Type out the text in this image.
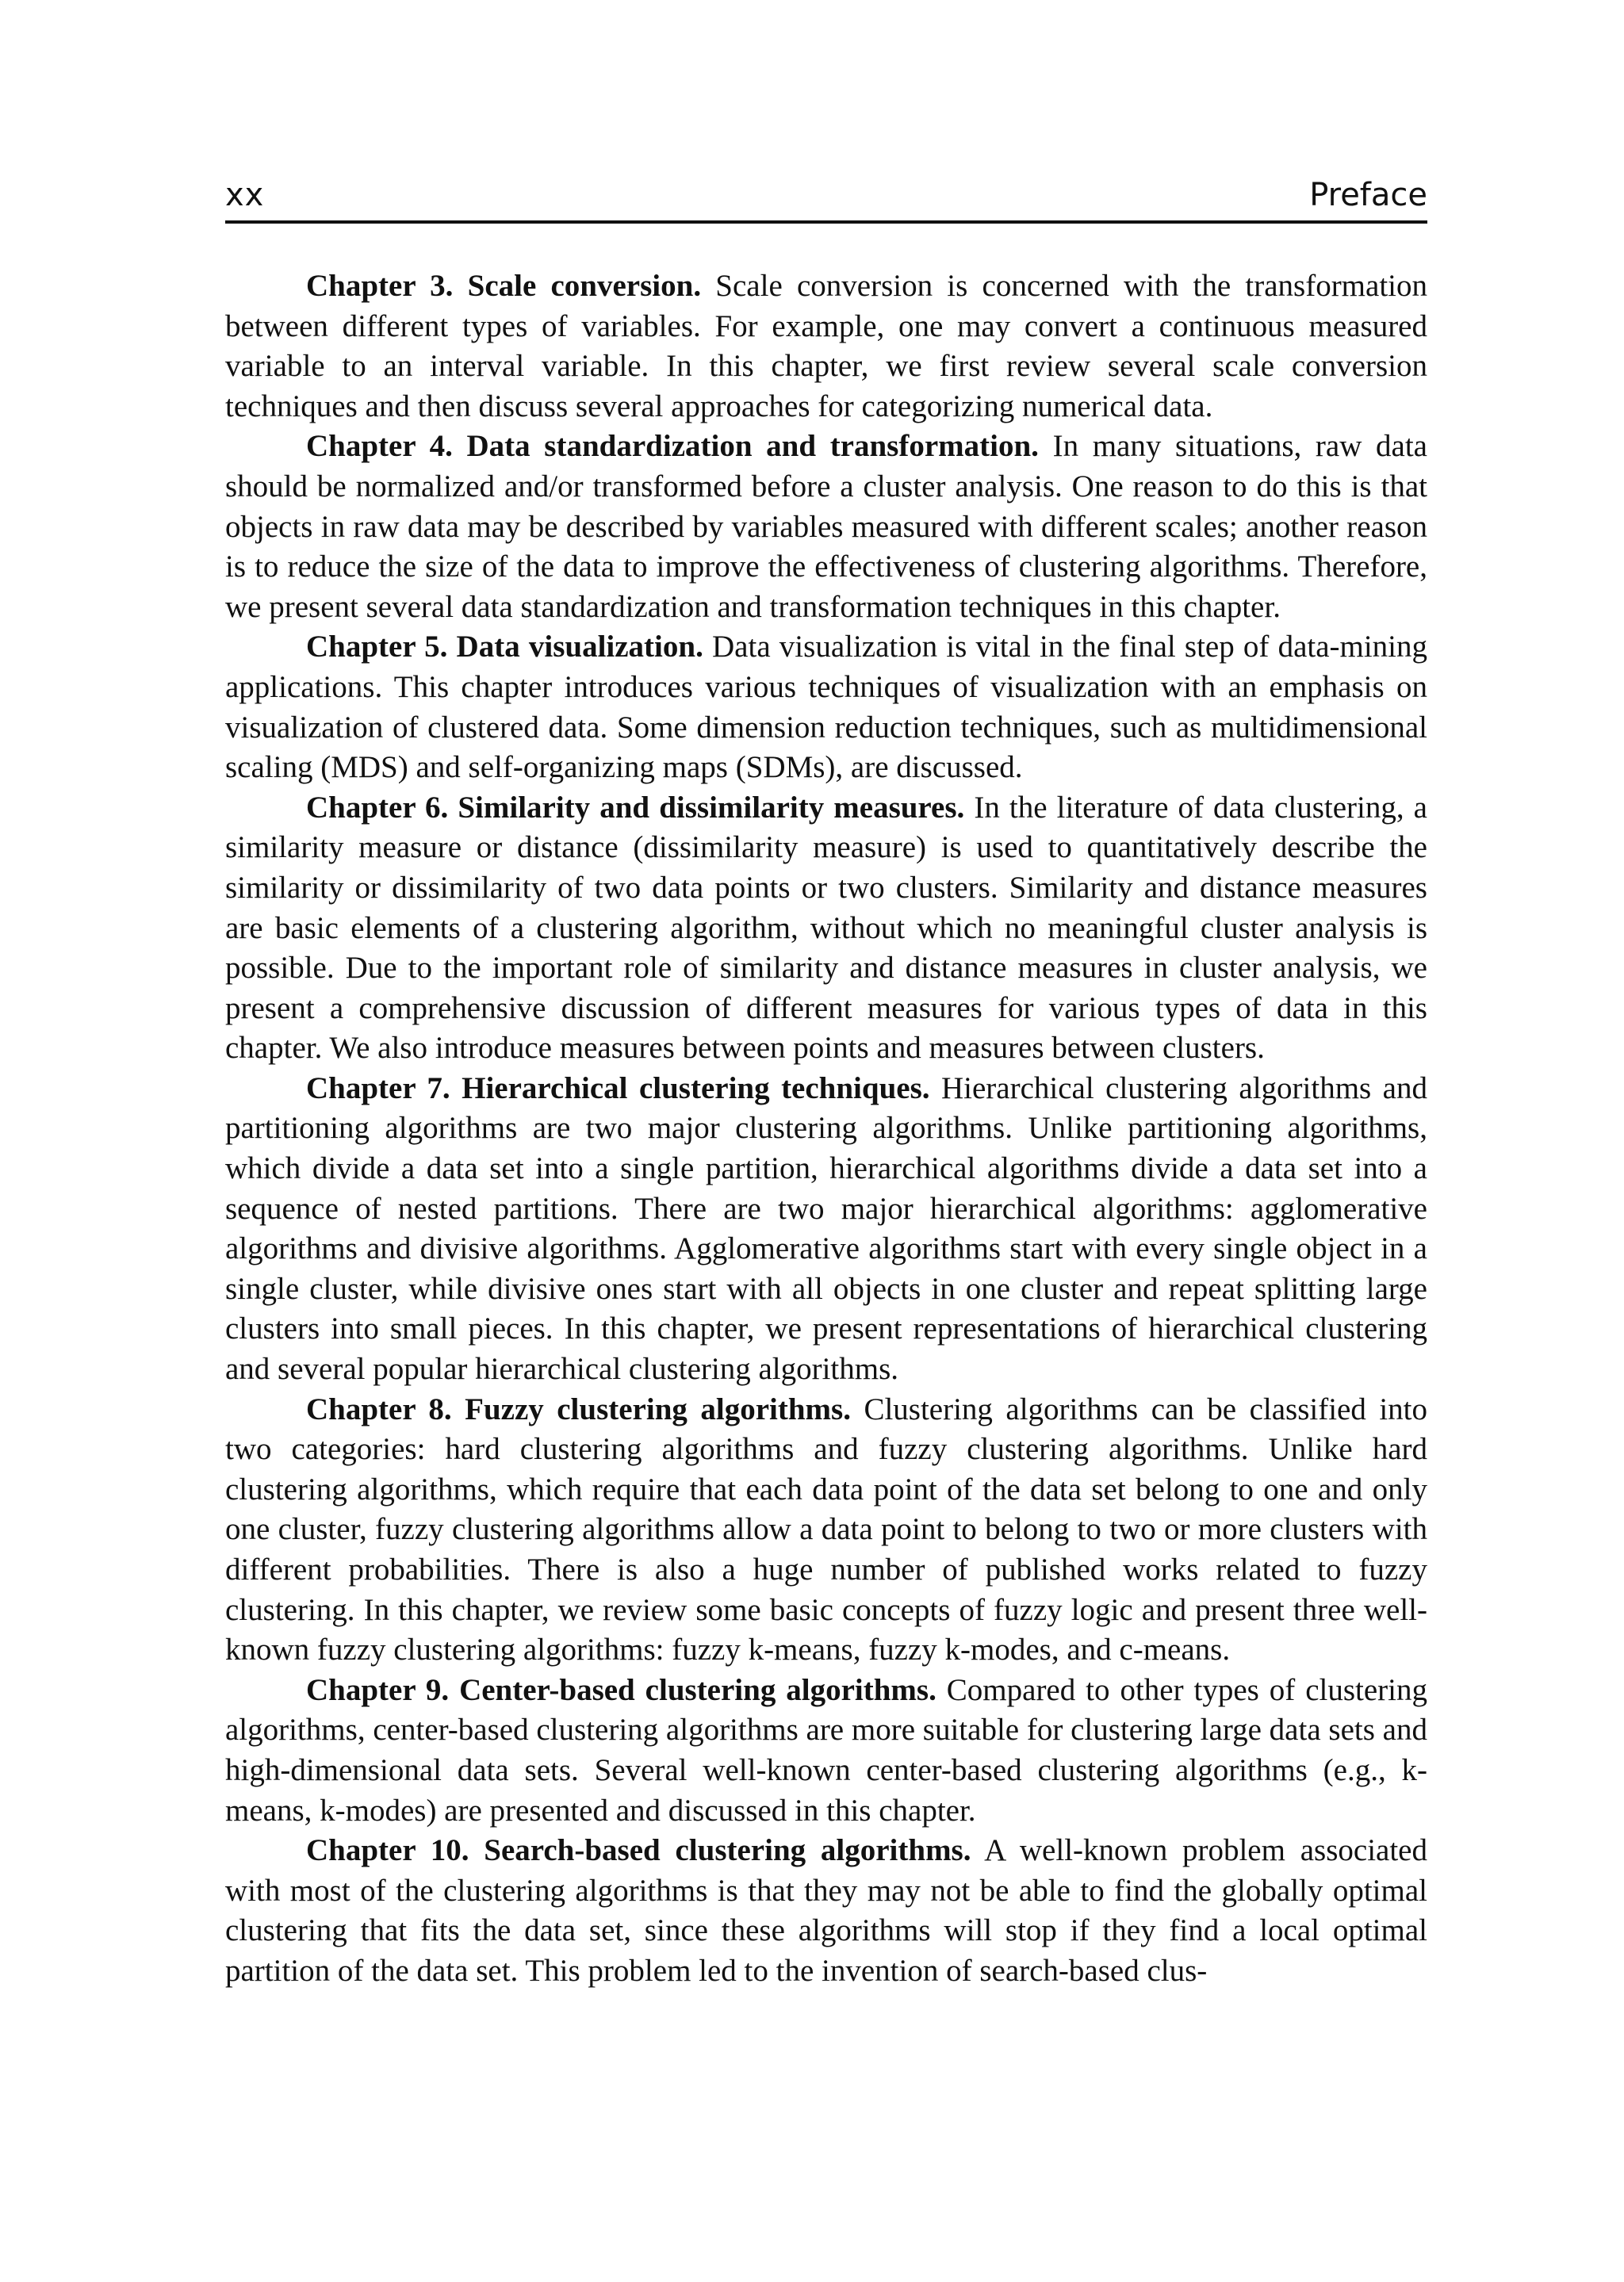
xx	Preface

Chapter 3. Scale conversion. Scale conversion is concerned with the transformation between different types of variables. For example, one may convert a continuous measured variable to an interval variable. In this chapter, we first review several scale conversion techniques and then discuss several approaches for categorizing numerical data.

Chapter 4. Data standardization and transformation. In many situations, raw data should be normalized and/or transformed before a cluster analysis. One reason to do this is that objects in raw data may be described by variables measured with different scales; another reason is to reduce the size of the data to improve the effectiveness of clustering algorithms. Therefore, we present several data standardization and transformation techniques in this chapter.

Chapter 5. Data visualization. Data visualization is vital in the final step of data-mining applications. This chapter introduces various techniques of visualization with an emphasis on visualization of clustered data. Some dimension reduction techniques, such as multidimensional scaling (MDS) and self-organizing maps (SDMs), are discussed.

Chapter 6. Similarity and dissimilarity measures. In the literature of data clustering, a similarity measure or distance (dissimilarity measure) is used to quantitatively describe the similarity or dissimilarity of two data points or two clusters. Similarity and distance measures are basic elements of a clustering algorithm, without which no meaningful cluster analysis is possible. Due to the important role of similarity and distance measures in cluster analysis, we present a comprehensive discussion of different measures for various types of data in this chapter. We also introduce measures between points and measures between clusters.

Chapter 7. Hierarchical clustering techniques. Hierarchical clustering algorithms and partitioning algorithms are two major clustering algorithms. Unlike partitioning algorithms, which divide a data set into a single partition, hierarchical algorithms divide a data set into a sequence of nested partitions. There are two major hierarchical algorithms: agglomerative algorithms and divisive algorithms. Agglomerative algorithms start with every single object in a single cluster, while divisive ones start with all objects in one cluster and repeat splitting large clusters into small pieces. In this chapter, we present representations of hierarchical clustering and several popular hierarchical clustering algorithms.

Chapter 8. Fuzzy clustering algorithms. Clustering algorithms can be classified into two categories: hard clustering algorithms and fuzzy clustering algorithms. Unlike hard clustering algorithms, which require that each data point of the data set belong to one and only one cluster, fuzzy clustering algorithms allow a data point to belong to two or more clusters with different probabilities. There is also a huge number of published works related to fuzzy clustering. In this chapter, we review some basic concepts of fuzzy logic and present three well-known fuzzy clustering algorithms: fuzzy k-means, fuzzy k-modes, and c-means.

Chapter 9. Center-based clustering algorithms. Compared to other types of clustering algorithms, center-based clustering algorithms are more suitable for clustering large data sets and high-dimensional data sets. Several well-known center-based clustering algorithms (e.g., k-means, k-modes) are presented and discussed in this chapter.

Chapter 10. Search-based clustering algorithms. A well-known problem associated with most of the clustering algorithms is that they may not be able to find the globally optimal clustering that fits the data set, since these algorithms will stop if they find a local optimal partition of the data set. This problem led to the invention of search-based clus-
